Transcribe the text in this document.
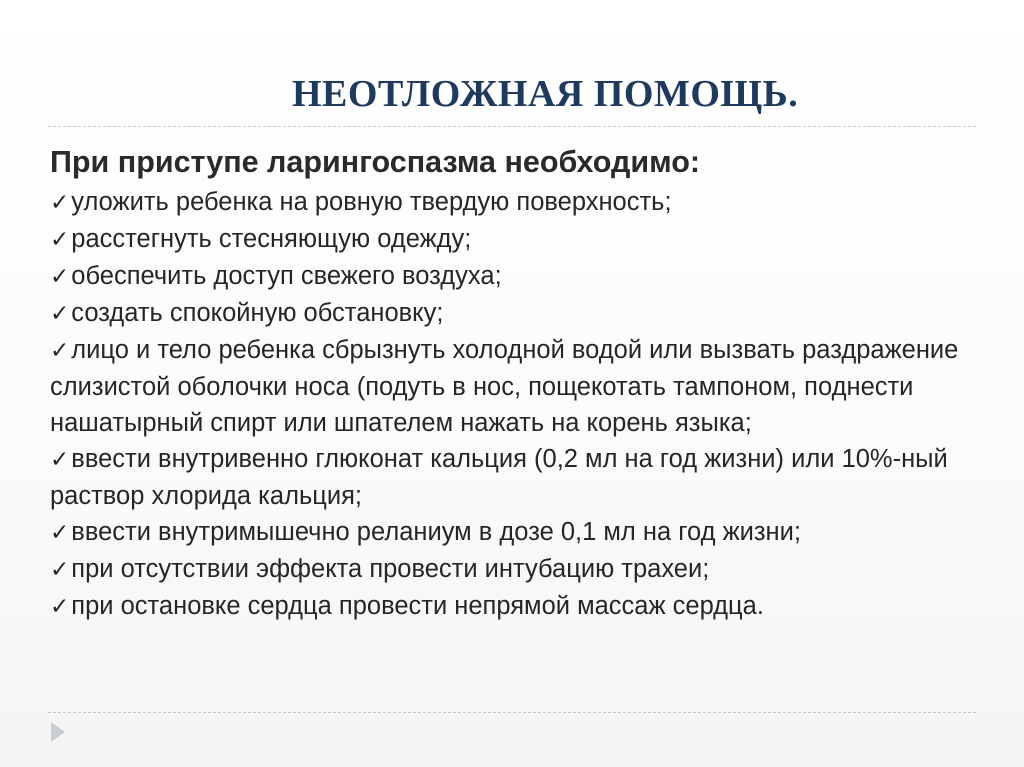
НЕОТЛОЖНАЯ ПОМОЩЬ.
При приступе ларингоспазма необходимо:
✓уложить ребенка на ровную твердую поверхность;
✓расстегнуть стесняющую одежду;
✓обеспечить доступ свежего воздуха;
✓создать спокойную обстановку;
✓лицо и тело ребенка сбрызнуть холодной водой или вызвать раздражение слизистой оболочки носа (подуть в нос, пощекотать тампоном, поднести нашатырный спирт или шпателем нажать на корень языка;
✓ввести внутривенно глюконат кальция (0,2 мл на год жизни) или 10%-ный раствор хлорида кальция;
✓ввести внутримышечно реланиум в дозе 0,1 мл на год жизни;
✓при отсутствии эффекта провести интубацию трахеи;
✓при остановке сердца провести непрямой массаж сердца.
